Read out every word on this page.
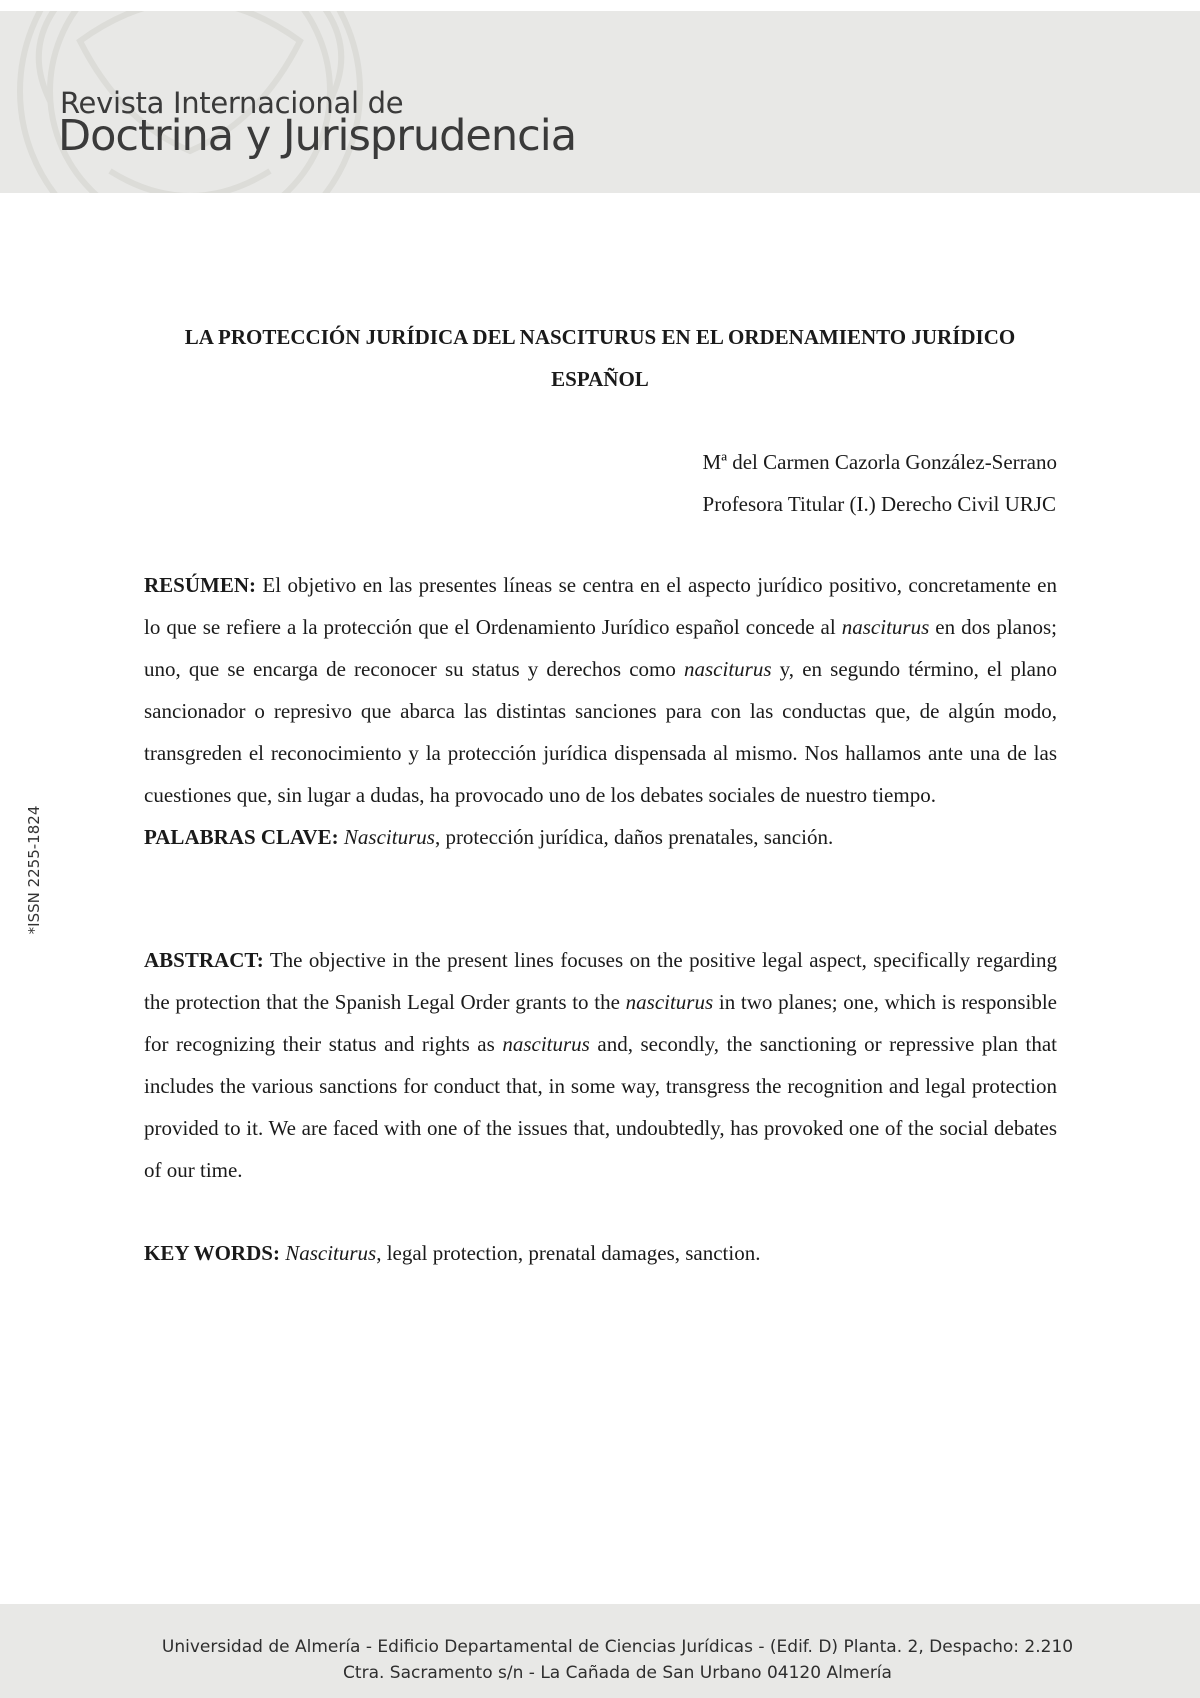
Revista Internacional de
Doctrina y Jurisprudencia
*ISSN 2255-1824
LA PROTECCIÓN JURÍDICA DEL NASCITURUS EN EL ORDENAMIENTO JURÍDICO ESPAÑOL
Mª del Carmen Cazorla González-Serrano
Profesora Titular (I.) Derecho Civil URJC

RESÚMEN: El objetivo en las presentes líneas se centra en el aspecto jurídico positivo, concretamente en lo que se refiere a la protección que el Ordenamiento Jurídico español concede al nasciturus en dos planos; uno, que se encarga de reconocer su status y derechos como nasciturus y, en segundo término, el plano sancionador o represivo que abarca las distintas sanciones para con las conductas que, de algún modo, transgreden el reconocimiento y la protección jurídica dispensada al mismo. Nos hallamos ante una de las cuestiones que, sin lugar a dudas, ha provocado uno de los debates sociales de nuestro tiempo.

PALABRAS CLAVE: Nasciturus, protección jurídica, daños prenatales, sanción.

ABSTRACT: The objective in the present lines focuses on the positive legal aspect, specifically regarding the protection that the Spanish Legal Order grants to the nasciturus in two planes; one, which is responsible for recognizing their status and rights as nasciturus and, secondly, the sanctioning or repressive plan that includes the various sanctions for conduct that, in some way, transgress the recognition and legal protection provided to it. We are faced with one of the issues that, undoubtedly, has provoked one of the social debates of our time.

KEY WORDS: Nasciturus, legal protection, prenatal damages, sanction.
Universidad de Almería - Edificio Departamental de Ciencias Jurídicas - (Edif. D) Planta. 2, Despacho: 2.210
Ctra. Sacramento s/n - La Cañada de San Urbano 04120 Almería
